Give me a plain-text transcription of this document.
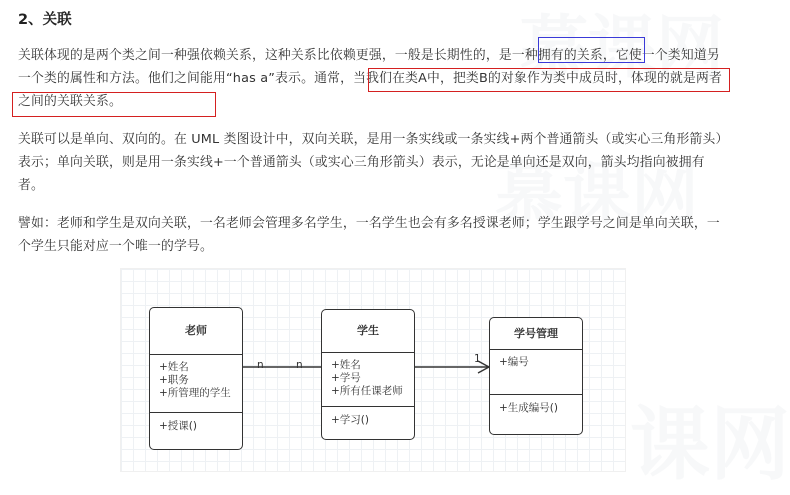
慕课网
慕课网
课网
2、关联
关联体现的是两个类之间一种强依赖关系，这种关系比依赖更强，一般是长期性的，是一种拥有的关系，它使一个类知道另一个类的属性和方法。他们之间能用“has a”表示。通常，当我们在类A中，把类B的对象作为类中成员时，体现的就是两者之间的关联关系。
关联可以是单向、双向的。在 UML 类图设计中，双向关联，是用一条实线或一条实线+两个普通箭头（或实心三角形箭头）表示；单向关联，则是用一条实线+一个普通箭头（或实心三角形箭头）表示，无论是单向还是双向，箭头均指向被拥有者。
譬如：老师和学生是双向关联，一名老师会管理多名学生，一名学生也会有多名授课老师；学生跟学号之间是单向关联，一个学生只能对应一个唯一的学号。
老师
+姓名
+职务
+所管理的学生
+授课()
学生
+姓名
+学号
+所有任课老师
+学习()
学号管理
+编号
+生成编号()
n	n	1
